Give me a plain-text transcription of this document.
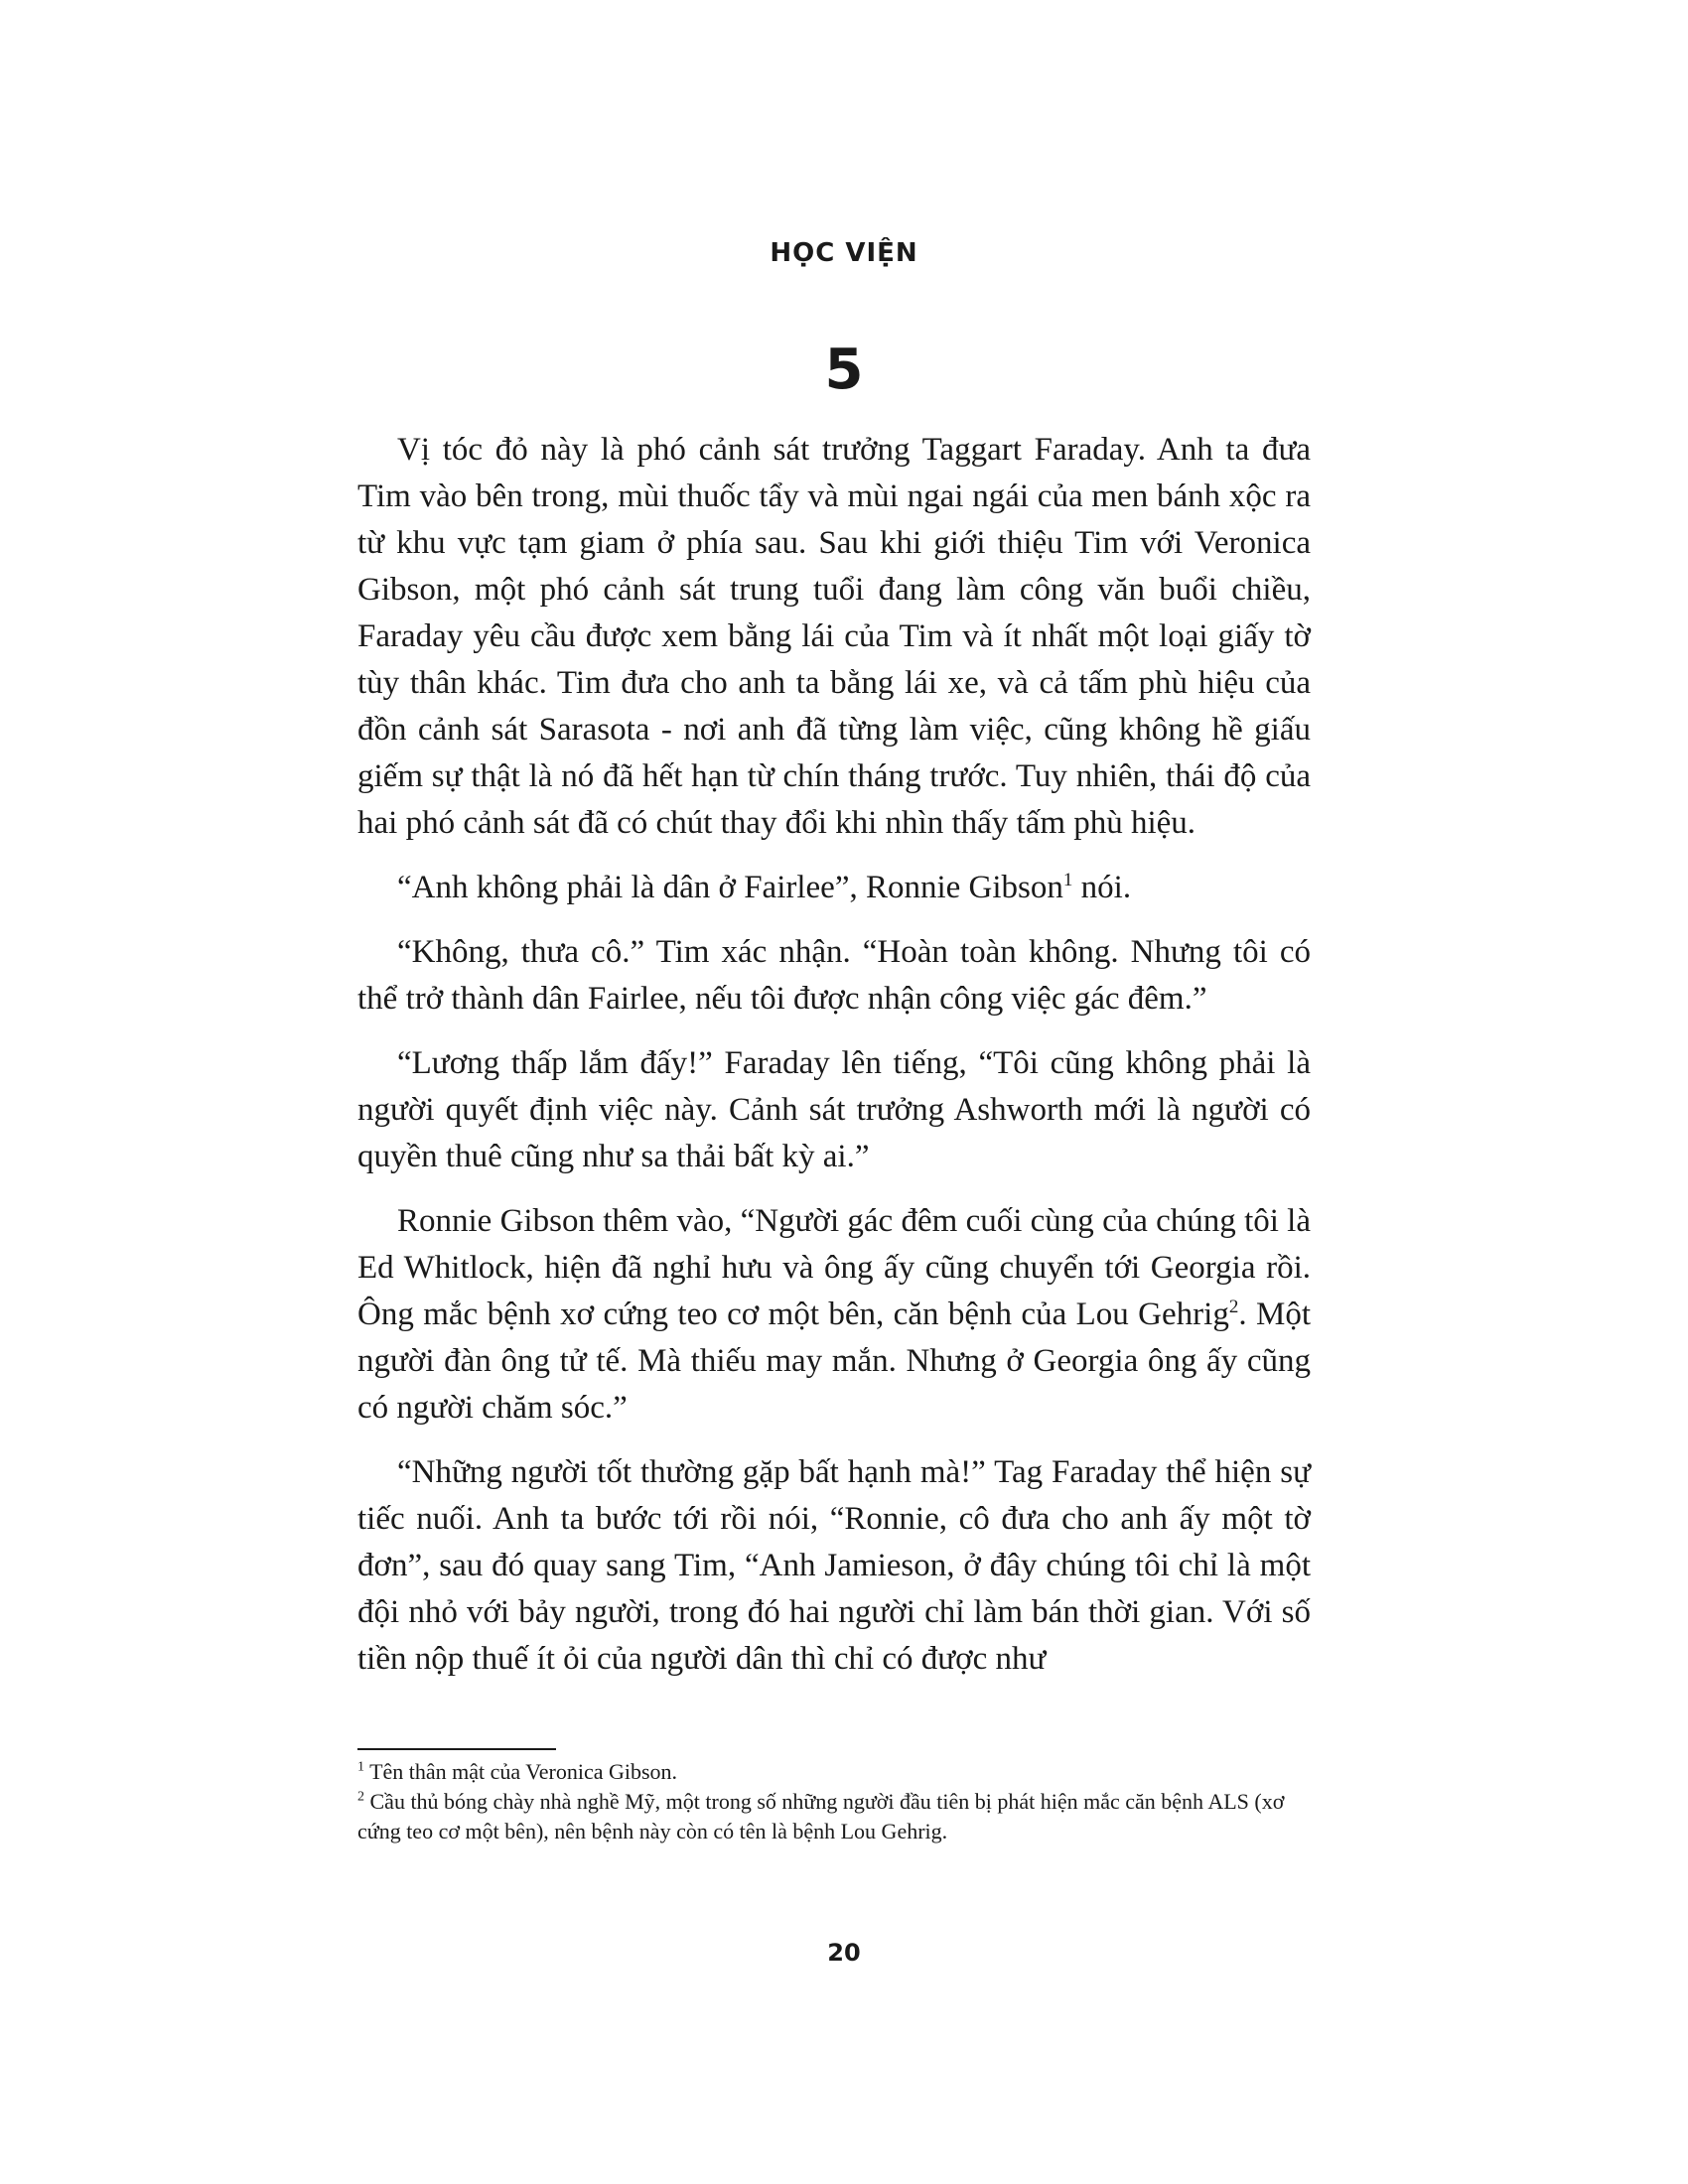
HỌC VIỆN
5

Vị tóc đỏ này là phó cảnh sát trưởng Taggart Faraday. Anh ta đưa Tim vào bên trong, mùi thuốc tẩy và mùi ngai ngái của men bánh xộc ra từ khu vực tạm giam ở phía sau. Sau khi giới thiệu Tim với Veronica Gibson, một phó cảnh sát trung tuổi đang làm công văn buổi chiều, Faraday yêu cầu được xem bằng lái của Tim và ít nhất một loại giấy tờ tùy thân khác. Tim đưa cho anh ta bằng lái xe, và cả tấm phù hiệu của đồn cảnh sát Sarasota - nơi anh đã từng làm việc, cũng không hề giấu giếm sự thật là nó đã hết hạn từ chín tháng trước. Tuy nhiên, thái độ của hai phó cảnh sát đã có chút thay đổi khi nhìn thấy tấm phù hiệu.

“Anh không phải là dân ở Fairlee”, Ronnie Gibson$^1$ nói.

“Không, thưa cô.” Tim xác nhận. “Hoàn toàn không. Nhưng tôi có thể trở thành dân Fairlee, nếu tôi được nhận công việc gác đêm.”

“Lương thấp lắm đấy!” Faraday lên tiếng, “Tôi cũng không phải là người quyết định việc này. Cảnh sát trưởng Ashworth mới là người có quyền thuê cũng như sa thải bất kỳ ai.”

Ronnie Gibson thêm vào, “Người gác đêm cuối cùng của chúng tôi là Ed Whitlock, hiện đã nghỉ hưu và ông ấy cũng chuyển tới Georgia rồi. Ông mắc bệnh xơ cứng teo cơ một bên, căn bệnh của Lou Gehrig$^2$. Một người đàn ông tử tế. Mà thiếu may mắn. Nhưng ở Georgia ông ấy cũng có người chăm sóc.”

“Những người tốt thường gặp bất hạnh mà!” Tag Faraday thể hiện sự tiếc nuối. Anh ta bước tới rồi nói, “Ronnie, cô đưa cho anh ấy một tờ đơn”, sau đó quay sang Tim, “Anh Jamieson, ở đây chúng tôi chỉ là một đội nhỏ với bảy người, trong đó hai người chỉ làm bán thời gian. Với số tiền nộp thuế ít ỏi của người dân thì chỉ có được như

$^1$ Tên thân mật của Veronica Gibson.

$^2$ Cầu thủ bóng chày nhà nghề Mỹ, một trong số những người đầu tiên bị phát hiện mắc căn bệnh ALS (xơ cứng teo cơ một bên), nên bệnh này còn có tên là bệnh Lou Gehrig.

20
